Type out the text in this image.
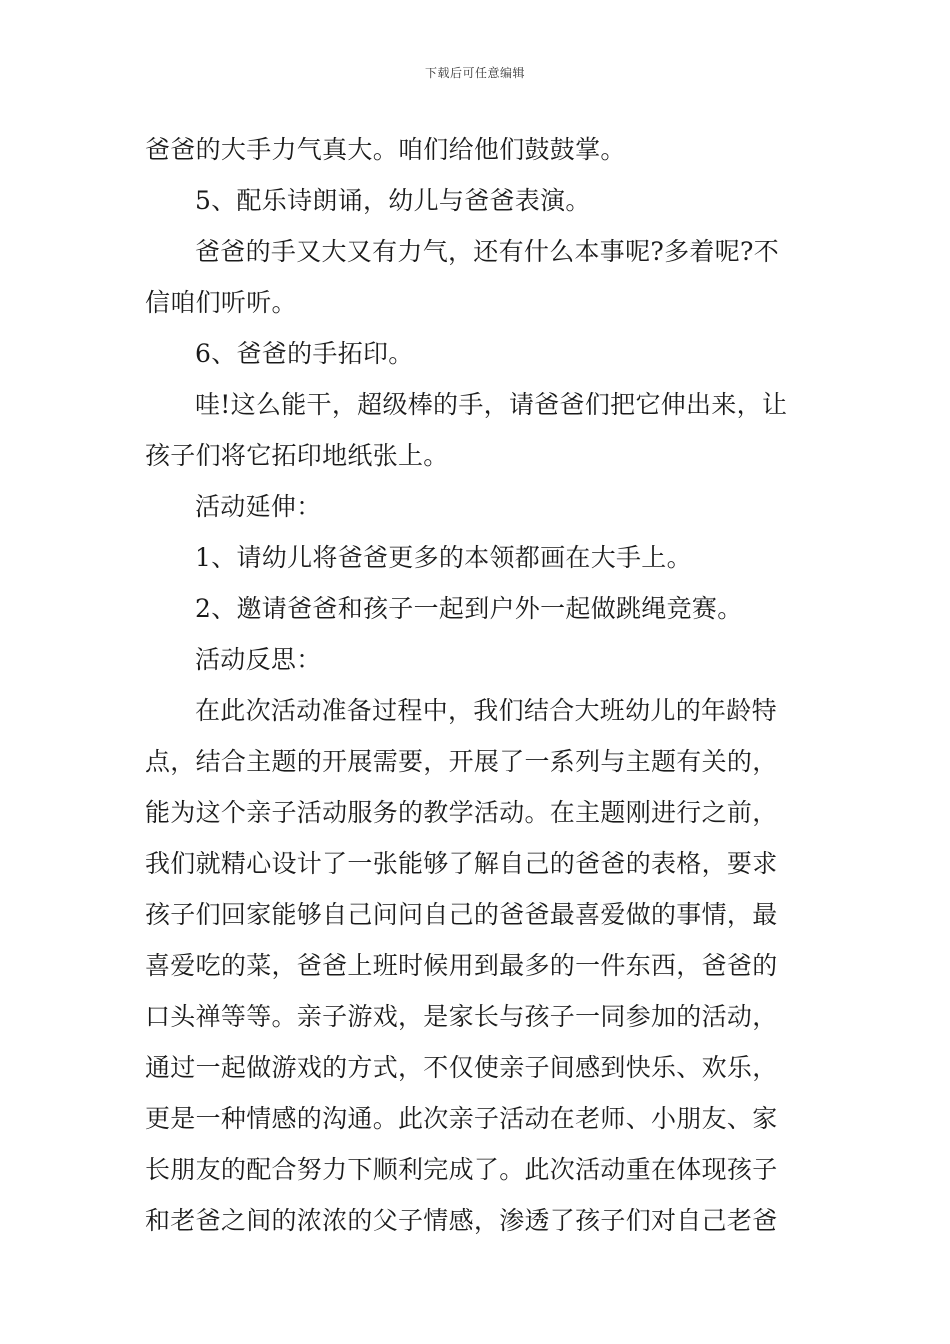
下载后可任意编辑
爸爸的大手力气真大。咱们给他们鼓鼓掌。
5、配乐诗朗诵，幼儿与爸爸表演。
爸爸的手又大又有力气，还有什么本事呢?多着呢?不
信咱们听听。
6、爸爸的手拓印。
哇!这么能干，超级棒的手，请爸爸们把它伸出来，让
孩子们将它拓印地纸张上。
活动延伸：
1、请幼儿将爸爸更多的本领都画在大手上。
2、邀请爸爸和孩子一起到户外一起做跳绳竞赛。
活动反思：
在此次活动准备过程中，我们结合大班幼儿的年龄特
点，结合主题的开展需要，开展了一系列与主题有关的，
能为这个亲子活动服务的教学活动。在主题刚进行之前，
我们就精心设计了一张能够了解自己的爸爸的表格，要求
孩子们回家能够自己问问自己的爸爸最喜爱做的事情，最
喜爱吃的菜，爸爸上班时候用到最多的一件东西，爸爸的
口头禅等等。亲子游戏，是家长与孩子一同参加的活动，
通过一起做游戏的方式，不仅使亲子间感到快乐、欢乐，
更是一种情感的沟通。此次亲子活动在老师、小朋友、家
长朋友的配合努力下顺利完成了。此次活动重在体现孩子
和老爸之间的浓浓的父子情感，渗透了孩子们对自己老爸
